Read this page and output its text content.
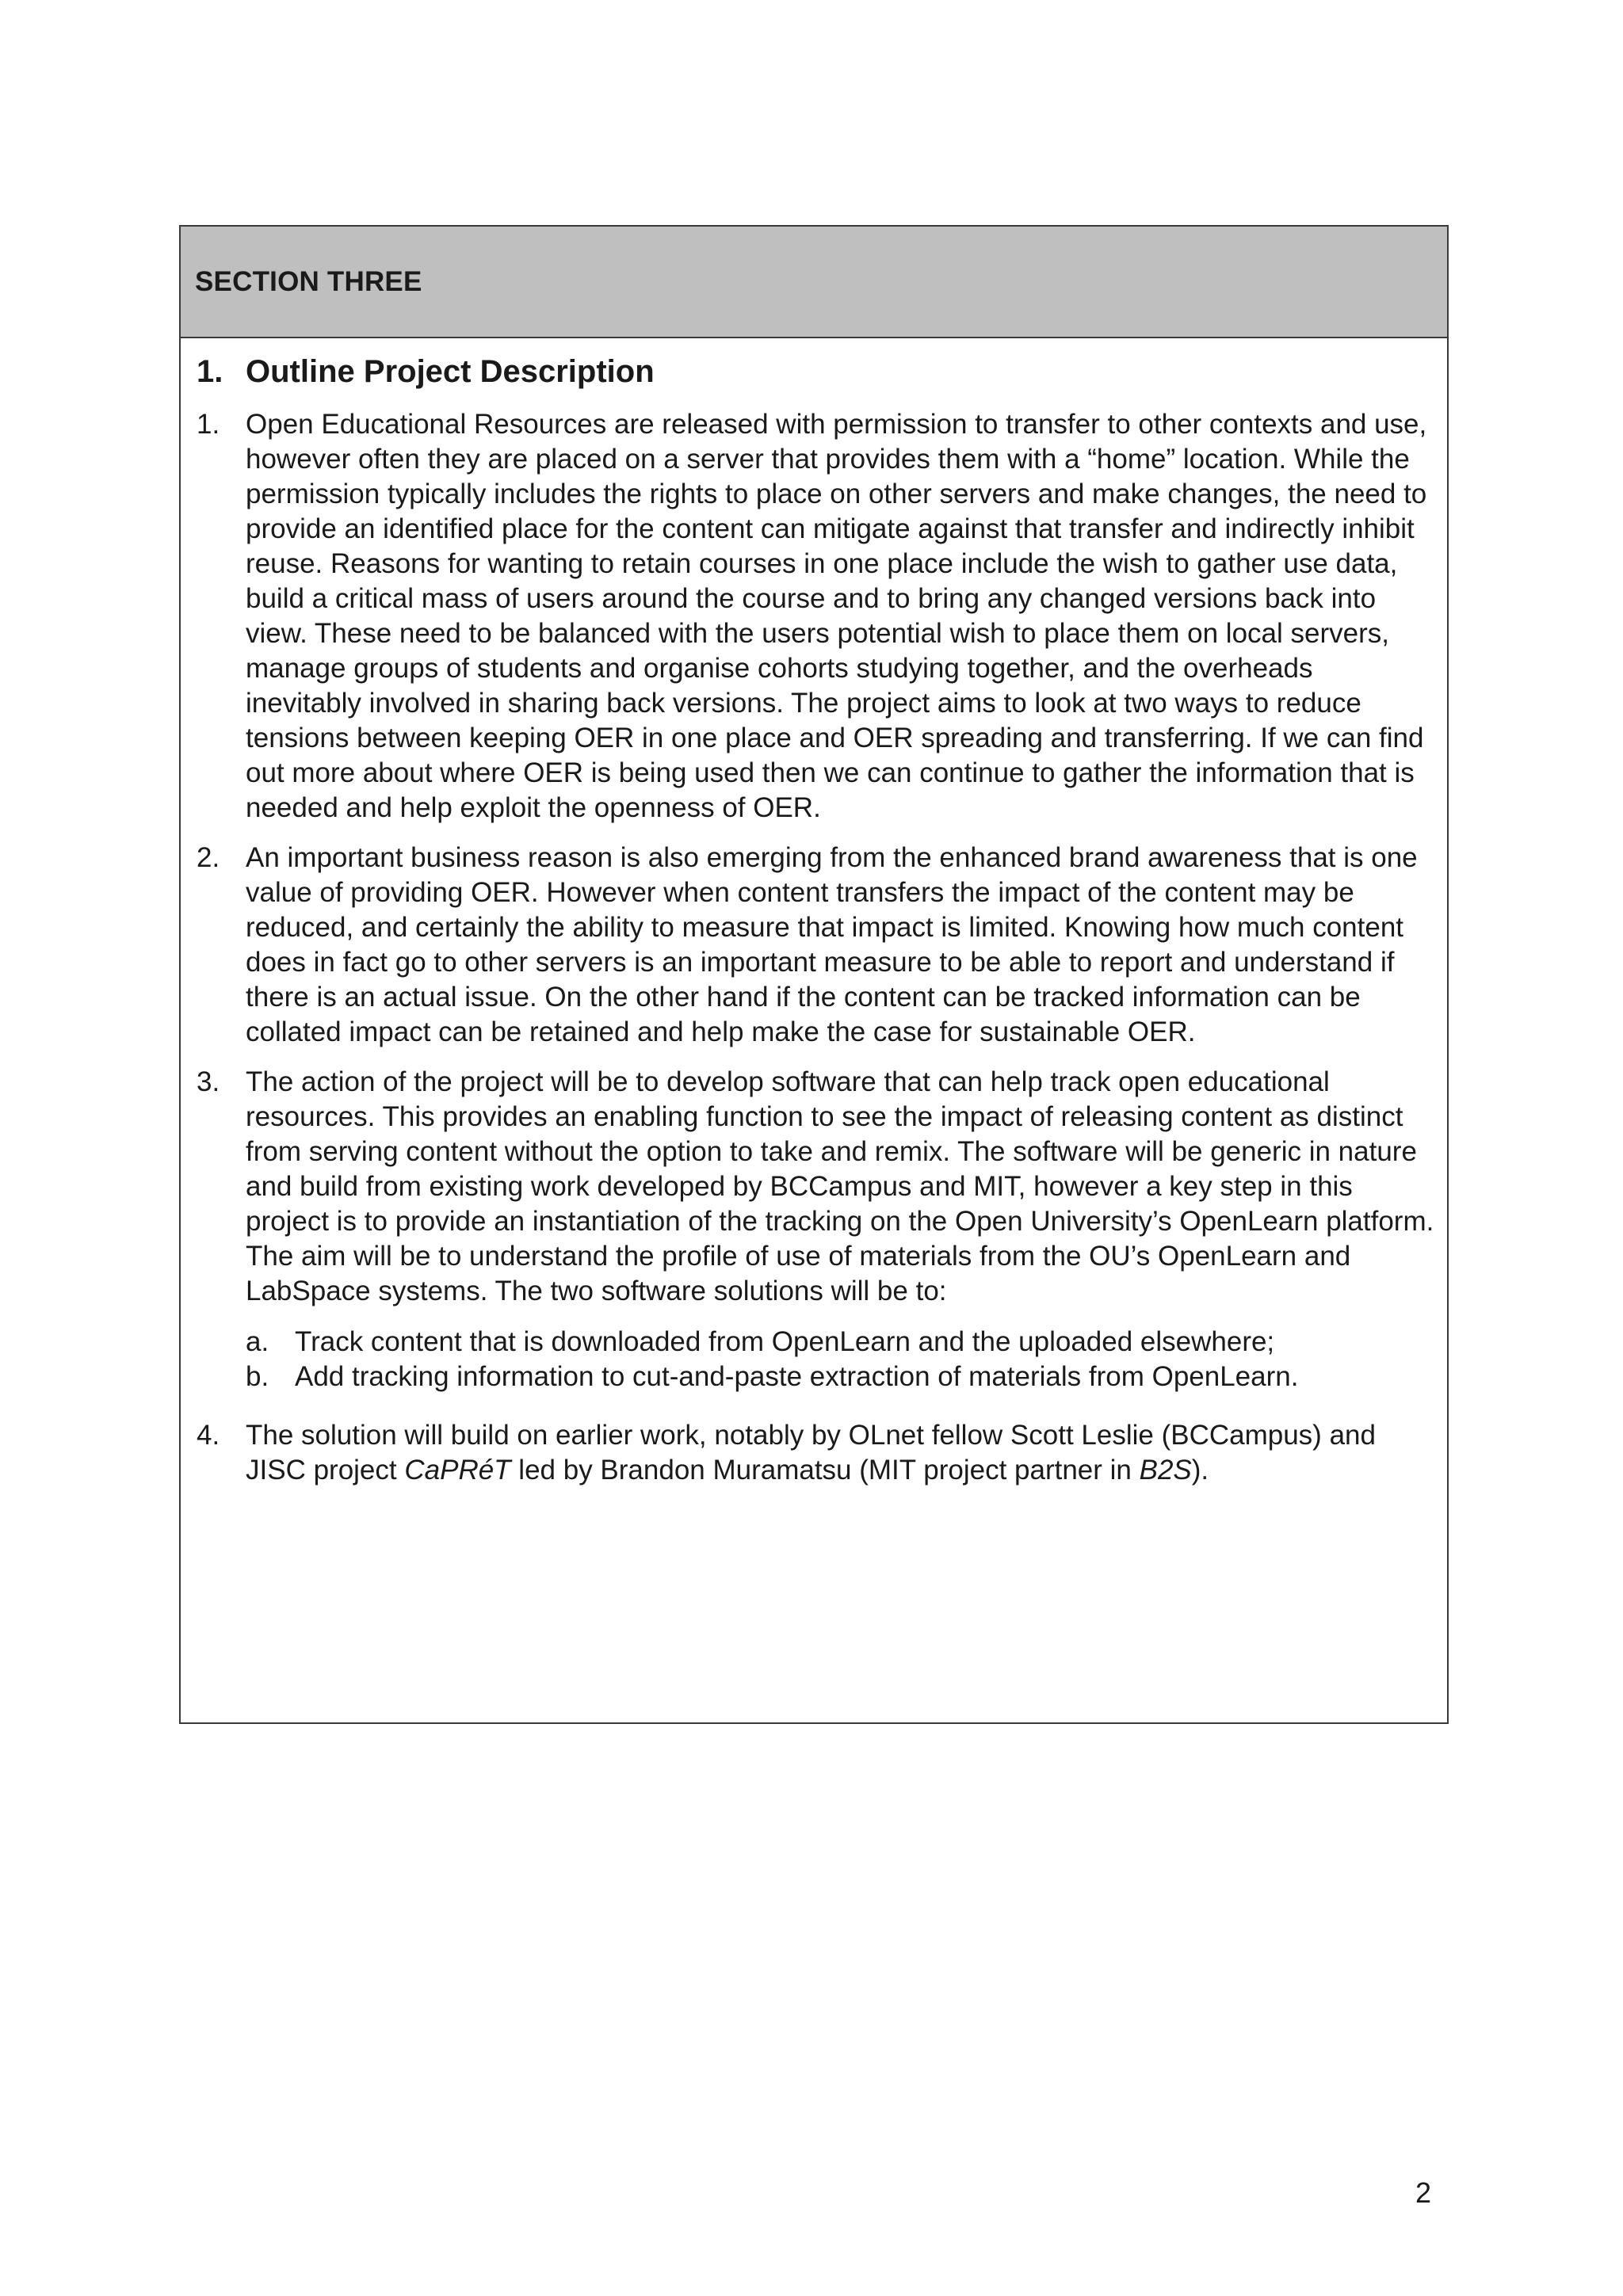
SECTION THREE
1. Outline Project Description
1. Open Educational Resources are released with permission to transfer to other contexts and use, however often they are placed on a server that provides them with a “home” location. While the permission typically includes the rights to place on other servers and make changes, the need to provide an identified place for the content can mitigate against that transfer and indirectly inhibit reuse. Reasons for wanting to retain courses in one place include the wish to gather use data, build a critical mass of users around the course and to bring any changed versions back into view. These need to be balanced with the users potential wish to place them on local servers, manage groups of students and organise cohorts studying together, and the overheads inevitably involved in sharing back versions. The project aims to look at two ways to reduce tensions between keeping OER in one place and OER spreading and transferring. If we can find out more about where OER is being used then we can continue to gather the information that is needed and help exploit the openness of OER.
2. An important business reason is also emerging from the enhanced brand awareness that is one value of providing OER. However when content transfers the impact of the content may be reduced, and certainly the ability to measure that impact is limited. Knowing how much content does in fact go to other servers is an important measure to be able to report and understand if there is an actual issue. On the other hand if the content can be tracked information can be collated impact can be retained and help make the case for sustainable OER.
3. The action of the project will be to develop software that can help track open educational resources. This provides an enabling function to see the impact of releasing content as distinct from serving content without the option to take and remix. The software will be generic in nature and build from existing work developed by BCCampus and MIT, however a key step in this project is to provide an instantiation of the tracking on the Open University’s OpenLearn platform. The aim will be to understand the profile of use of materials from the OU’s OpenLearn and LabSpace systems. The two software solutions will be to:
a. Track content that is downloaded from OpenLearn and the uploaded elsewhere;
b. Add tracking information to cut-and-paste extraction of materials from OpenLearn.
4. The solution will build on earlier work, notably by OLnet fellow Scott Leslie (BCCampus) and JISC project CaPRéT led by Brandon Muramatsu (MIT project partner in B2S).
2
